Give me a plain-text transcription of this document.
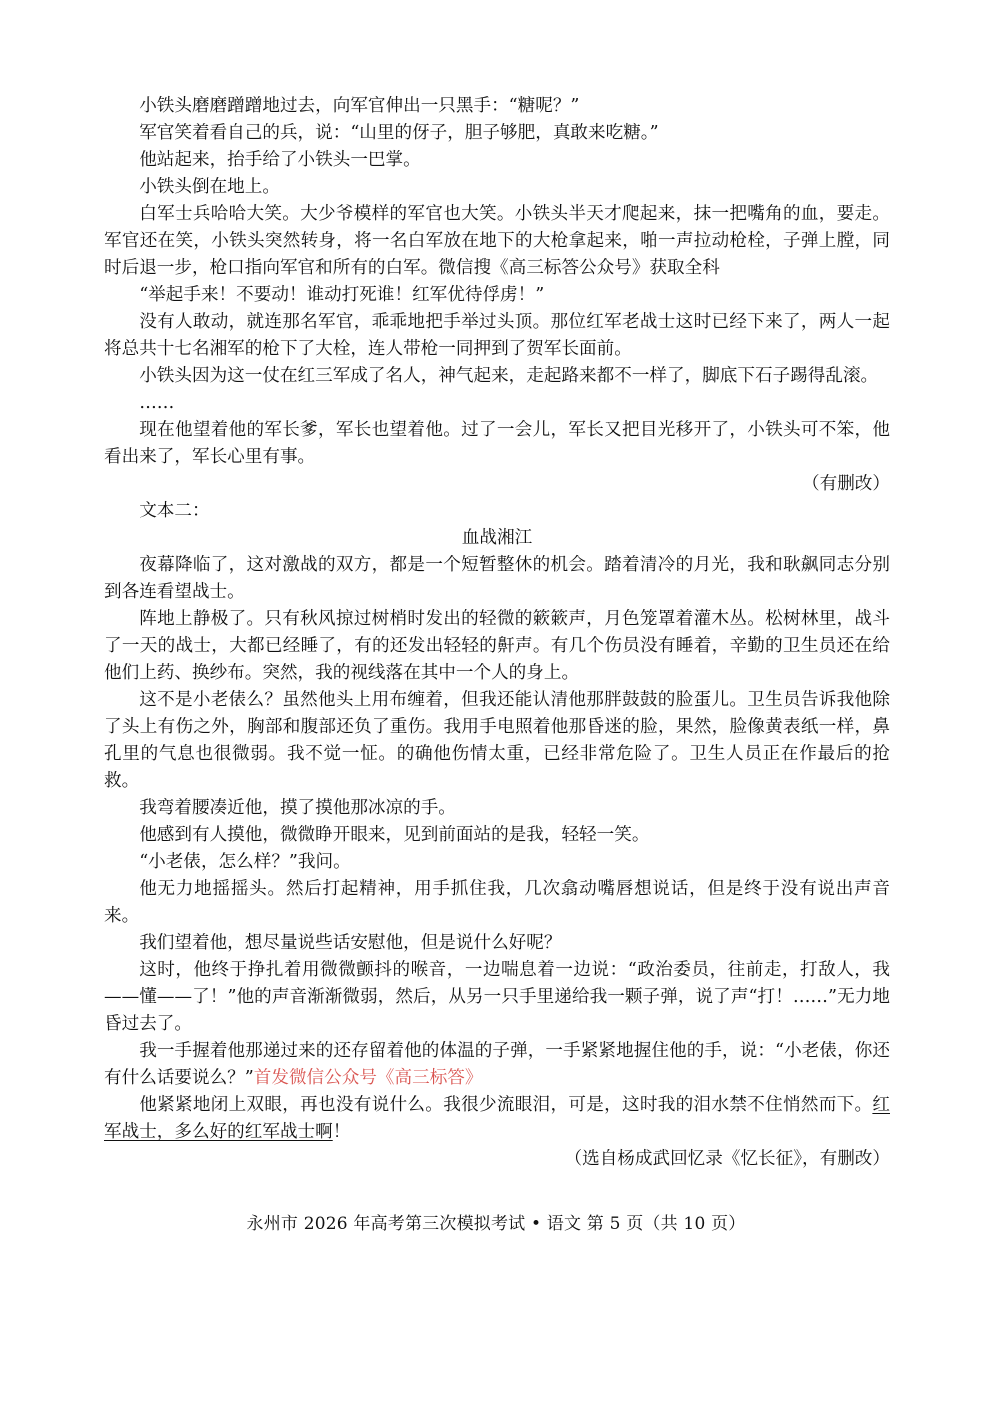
小铁头磨磨蹭蹭地过去，向军官伸出一只黑手：“糖呢？”

军官笑着看自己的兵，说：“山里的伢子，胆子够肥，真敢来吃糖。”

他站起来，抬手给了小铁头一巴掌。

小铁头倒在地上。

白军士兵哈哈大笑。大少爷模样的军官也大笑。小铁头半天才爬起来，抹一把嘴角的血，要走。军官还在笑，小铁头突然转身，将一名白军放在地下的大枪拿起来，啪一声拉动枪栓，子弹上膛，同时后退一步，枪口指向军官和所有的白军。微信搜《高三标答公众号》获取全科

“举起手来！不要动！谁动打死谁！红军优待俘虏！”

没有人敢动，就连那名军官，乖乖地把手举过头顶。那位红军老战士这时已经下来了，两人一起将总共十七名湘军的枪下了大栓，连人带枪一同押到了贺军长面前。

小铁头因为这一仗在红三军成了名人，神气起来，走起路来都不一样了，脚底下石子踢得乱滚。

……

现在他望着他的军长爹，军长也望着他。过了一会儿，军长又把目光移开了，小铁头可不笨，他看出来了，军长心里有事。

（有删改）

文本二：

血战湘江

夜幕降临了，这对激战的双方，都是一个短暂整休的机会。踏着清冷的月光，我和耿飙同志分别到各连看望战士。

阵地上静极了。只有秋风掠过树梢时发出的轻微的簌簌声，月色笼罩着灌木丛。松树林里，战斗了一天的战士，大都已经睡了，有的还发出轻轻的鼾声。有几个伤员没有睡着，辛勤的卫生员还在给他们上药、换纱布。突然，我的视线落在其中一个人的身上。

这不是小老俵么？虽然他头上用布缠着，但我还能认清他那胖鼓鼓的脸蛋儿。卫生员告诉我他除了头上有伤之外，胸部和腹部还负了重伤。我用手电照着他那昏迷的脸，果然，脸像黄表纸一样，鼻孔里的气息也很微弱。我不觉一怔。的确他伤情太重，已经非常危险了。卫生人员正在作最后的抢救。

我弯着腰凑近他，摸了摸他那冰凉的手。

他感到有人摸他，微微睁开眼来，见到前面站的是我，轻轻一笑。

“小老俵，怎么样？”我问。

他无力地摇摇头。然后打起精神，用手抓住我，几次翕动嘴唇想说话，但是终于没有说出声音来。

我们望着他，想尽量说些话安慰他，但是说什么好呢？

这时，他终于挣扎着用微微颤抖的喉音，一边喘息着一边说：“政治委员，往前走，打敌人，我——懂——了！”他的声音渐渐微弱，然后，从另一只手里递给我一颗子弹，说了声“打！……”无力地昏过去了。

我一手握着他那递过来的还存留着他的体温的子弹，一手紧紧地握住他的手，说：“小老俵，你还有什么话要说么？”首发微信公众号《高三标答》

他紧紧地闭上双眼，再也没有说什么。我很少流眼泪，可是，这时我的泪水禁不住悄然而下。红军战士，多么好的红军战士啊！

（选自杨成武回忆录《忆长征》，有删改）

永州市 2026 年高考第三次模拟考试 • 语文 第 5 页（共 10 页）
